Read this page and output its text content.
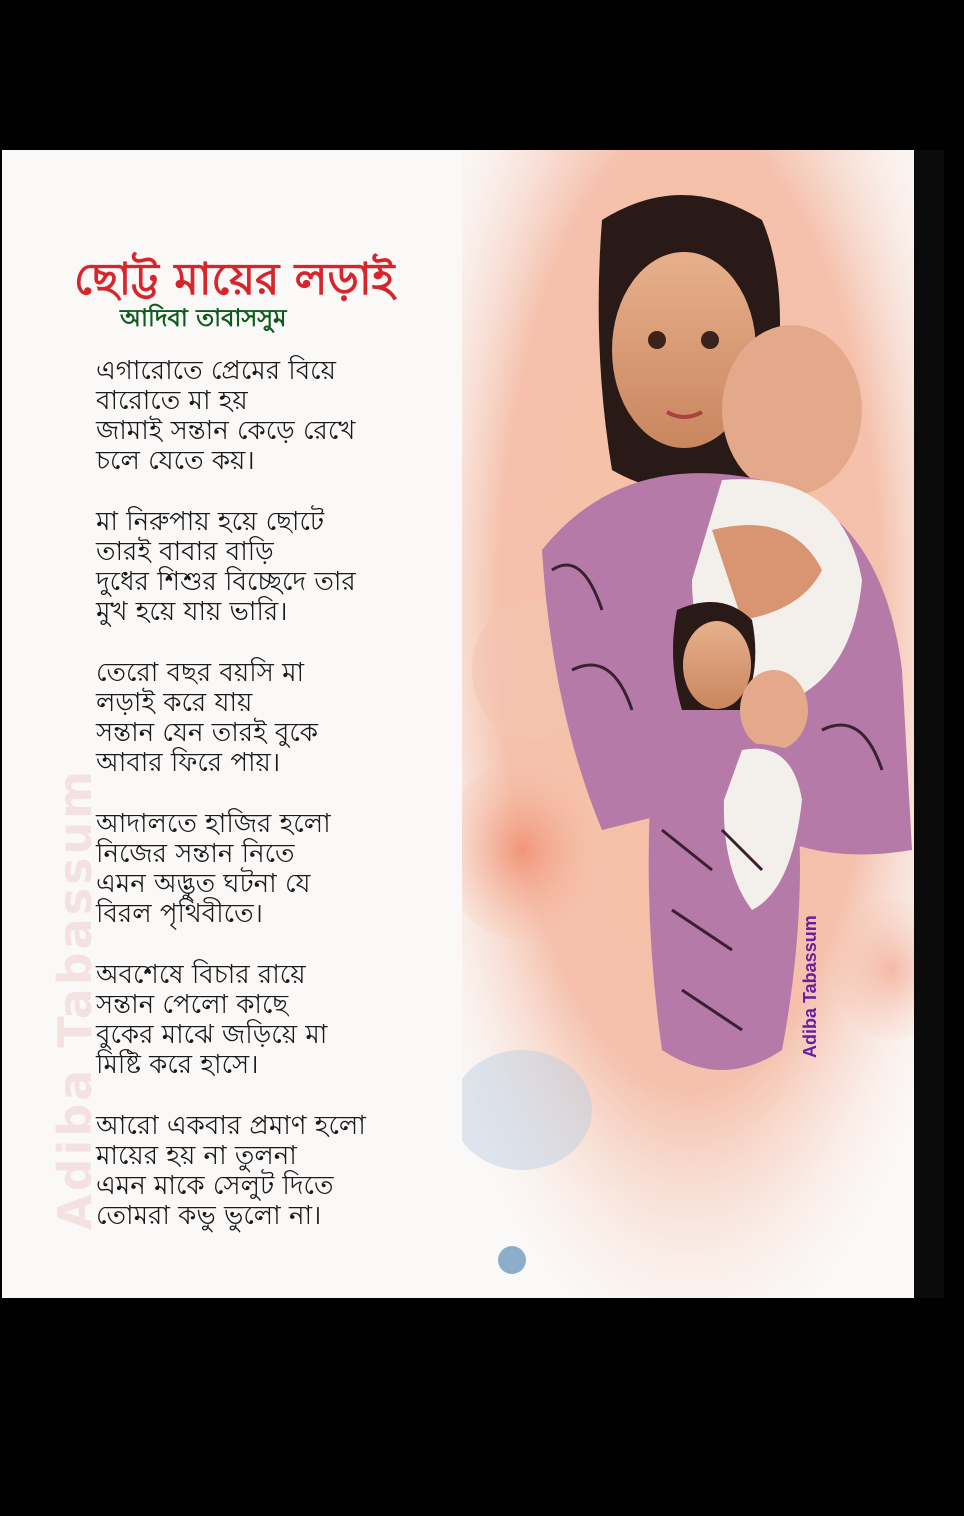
Adiba Tabassum
ছোট্ট মায়ের লড়াই
আদিবা তাবাসসুম
এগারোতে প্রেমের বিয়ে
বারোতে মা হয়
জামাই সন্তান কেড়ে রেখে
চলে যেতে কয়।
মা নিরুপায় হয়ে ছোটে
তারই বাবার বাড়ি
দুধের শিশুর বিচ্ছেদে তার
মুখ হয়ে যায় ভারি।
তেরো বছর বয়সি মা
লড়াই করে যায়
সন্তান যেন তারই বুকে
আবার ফিরে পায়।
আদালতে হাজির হলো
নিজের সন্তান নিতে
এমন অদ্ভুত ঘটনা যে
বিরল পৃথিবীতে।
অবশেষে বিচার রায়ে
সন্তান পেলো কাছে
বুকের মাঝে জড়িয়ে মা
মিষ্টি করে হাসে।
আরো একবার প্রমাণ হলো
মায়ের হয় না তুলনা
এমন মাকে সেলুট দিতে
তোমরা কভু ভুলো না।
Adiba Tabassum
